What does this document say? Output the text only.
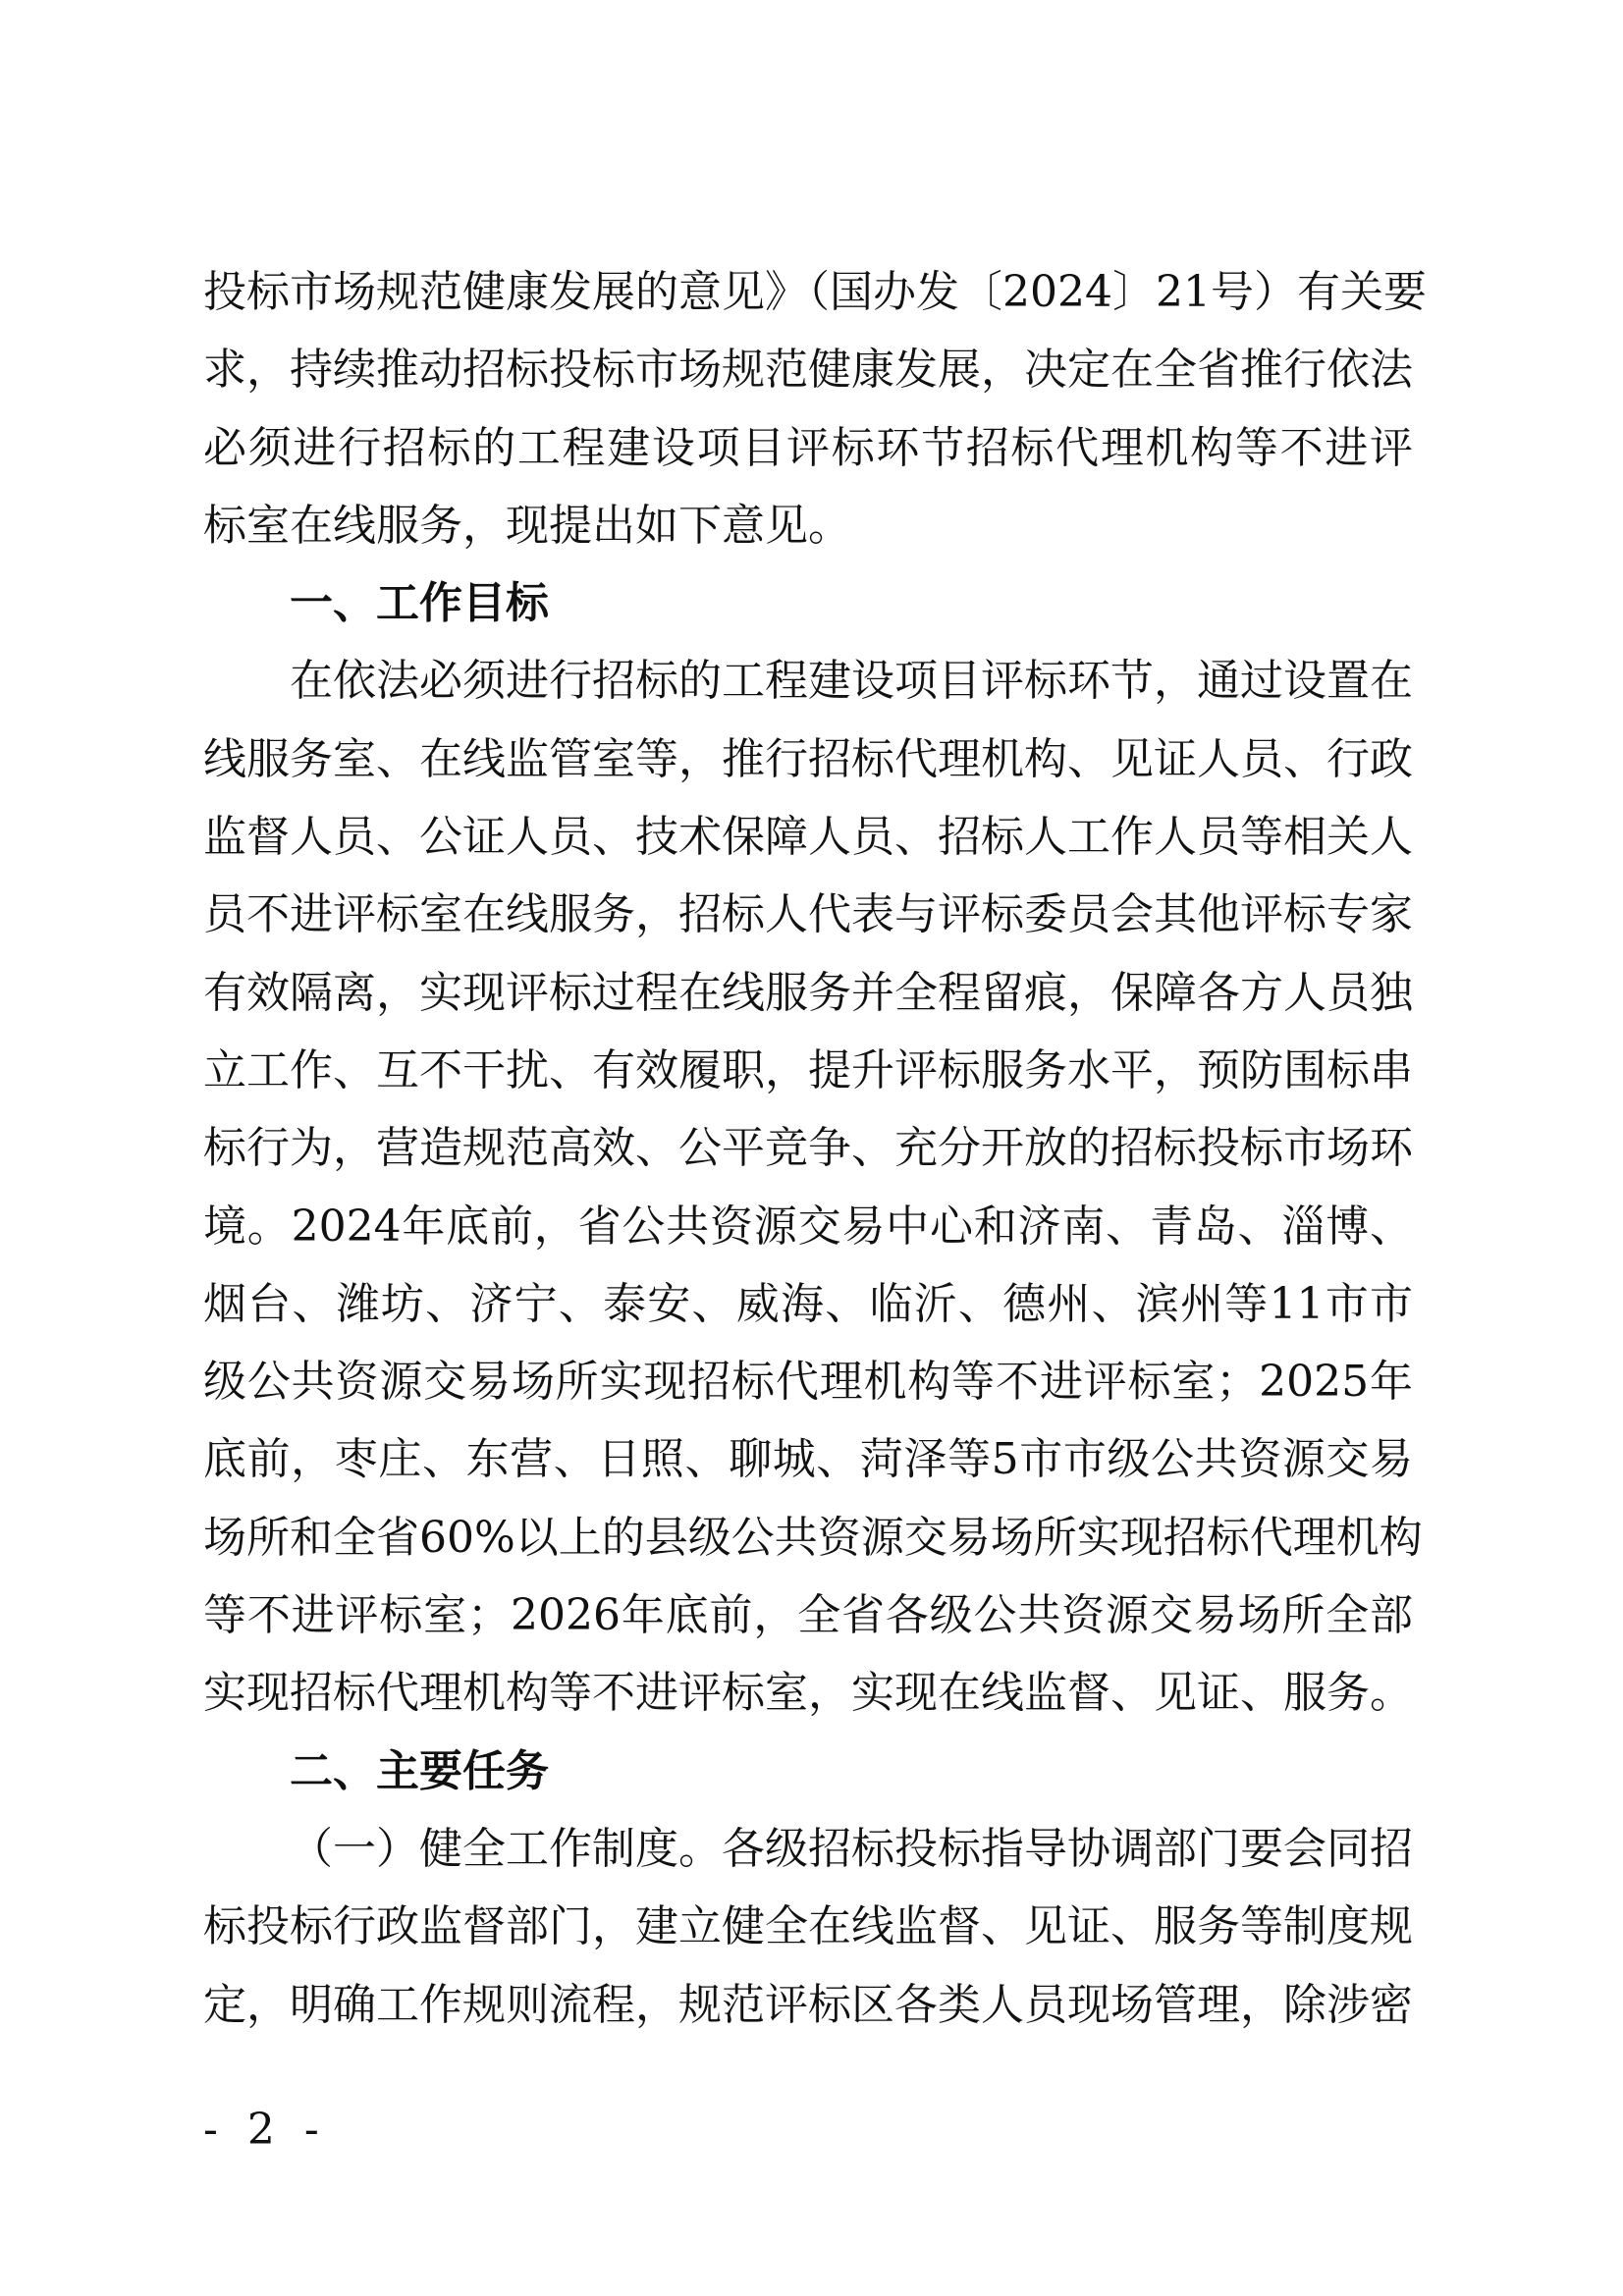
投标市场规范健康发展的意见》（国办发〔2024〕21号）有关要
求，持续推动招标投标市场规范健康发展，决定在全省推行依法
必须进行招标的工程建设项目评标环节招标代理机构等不进评
标室在线服务，现提出如下意见。
一、工作目标
在依法必须进行招标的工程建设项目评标环节，通过设置在
线服务室、在线监管室等，推行招标代理机构、见证人员、行政
监督人员、公证人员、技术保障人员、招标人工作人员等相关人
员不进评标室在线服务，招标人代表与评标委员会其他评标专家
有效隔离，实现评标过程在线服务并全程留痕，保障各方人员独
立工作、互不干扰、有效履职，提升评标服务水平，预防围标串
标行为，营造规范高效、公平竞争、充分开放的招标投标市场环
境。2024年底前，省公共资源交易中心和济南、青岛、淄博、
烟台、潍坊、济宁、泰安、威海、临沂、德州、滨州等11市市
级公共资源交易场所实现招标代理机构等不进评标室；2025年
底前，枣庄、东营、日照、聊城、菏泽等5市市级公共资源交易
场所和全省60%以上的县级公共资源交易场所实现招标代理机构
等不进评标室；2026年底前，全省各级公共资源交易场所全部
实现招标代理机构等不进评标室，实现在线监督、见证、服务。
二、主要任务
（一）健全工作制度。各级招标投标指导协调部门要会同招
标投标行政监督部门，建立健全在线监督、见证、服务等制度规
定，明确工作规则流程，规范评标区各类人员现场管理，除涉密
- 2 -
